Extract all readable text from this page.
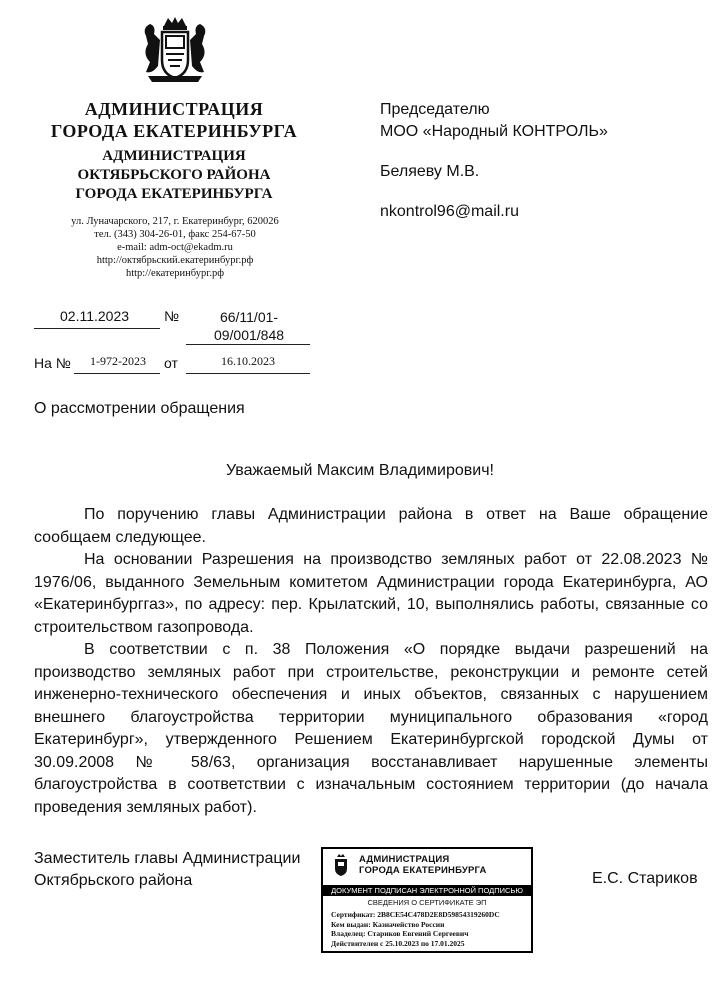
АДМИНИСТРАЦИЯ
ГОРОДА ЕКАТЕРИНБУРГА
АДМИНИСТРАЦИЯ
ОКТЯБРЬСКОГО РАЙОНА
ГОРОДА ЕКАТЕРИНБУРГА
ул. Луначарского, 217, г. Екатеринбург, 620026
тел. (343) 304-26-01, факс 254-67-50
e-mail: adm-oct@ekadm.ru
http://октябрьский.екатеринбург.рф
http://екатеринбург.рф
02.11.2023 №	66/11/01-
09/001/848
На №	1-972-2023	от	16.10.2023
Председателю
МОО «Народный КОНТРОЛЬ»
Беляеву М.В.
nkontrol96@mail.ru
О рассмотрении обращения
Уважаемый Максим Владимирович!

По поручению главы Администрации района в ответ на Ваше обращение сообщаем следующее.

На основании Разрешения на производство земляных работ от 22.08.2023 № 1976/06, выданного Земельным комитетом Администрации города Екатеринбурга, АО «Екатеринбурггаз», по адресу: пер. Крылатский, 10, выполнялись работы, связанные со строительством газопровода.

В соответствии с п. 38 Положения «О порядке выдачи разрешений на производство земляных работ при строительстве, реконструкции и ремонте сетей инженерно-технического обеспечения и иных объектов, связанных с нарушением внешнего благоустройства территории муниципального образования «город Екатеринбург», утвержденного Решением Екатеринбургской городской Думы от 30.09.2008 № 58/63, организация восстанавливает нарушенные элементы благоустройства в соответствии с изначальным состоянием территории (до начала проведения земляных работ).

Заместитель главы Администрации
Октябрьского района	Е.С. Стариков
АДМИНИСТРАЦИЯ
ГОРОДА ЕКАТЕРИНБУРГА
ДОКУМЕНТ ПОДПИСАН ЭЛЕКТРОННОЙ ПОДПИСЬЮ
СВЕДЕНИЯ О СЕРТИФИКАТЕ ЭП
Сертификат: 2B8CE54C478D2E8D59854319260DC
Кем выдан: Казначейство России
Владелец: Стариков Евгений Сергеевич
Действителен с 25.10.2023 по 17.01.2025
